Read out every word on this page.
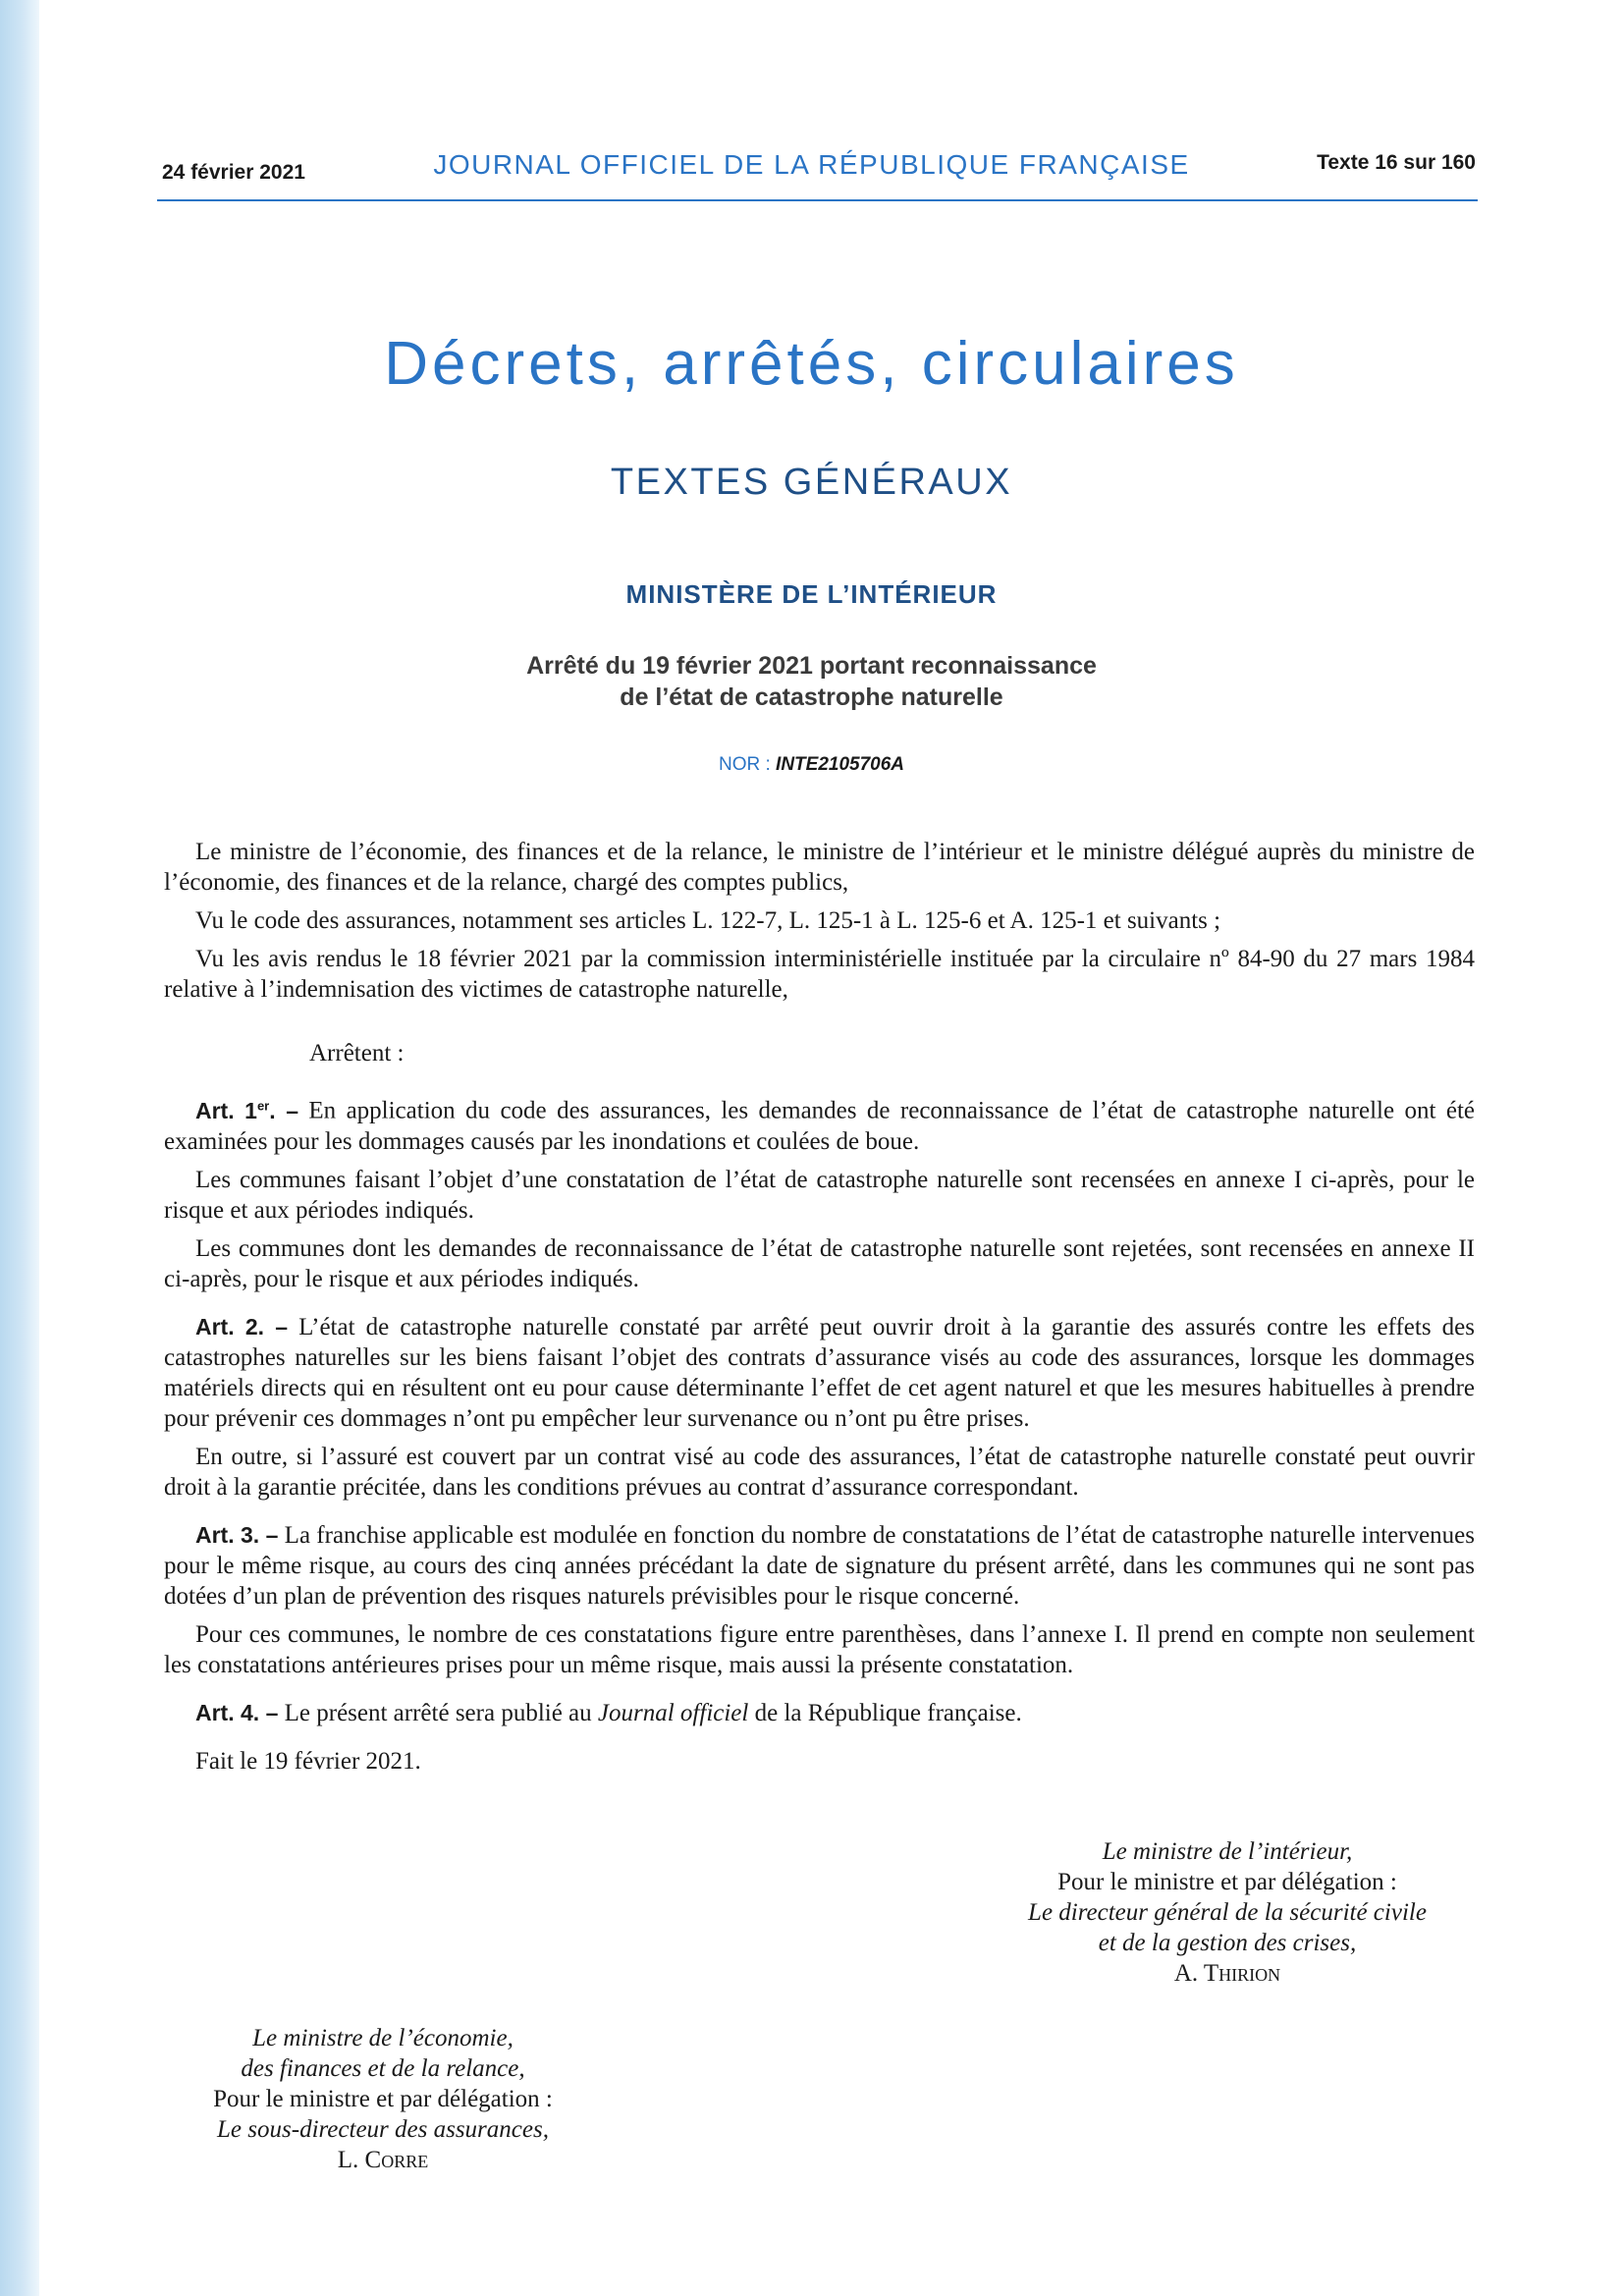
24 février 2021	JOURNAL OFFICIEL DE LA RÉPUBLIQUE FRANÇAISE	Texte 16 sur 160
Décrets, arrêtés, circulaires
TEXTES GÉNÉRAUX
MINISTÈRE DE L’INTÉRIEUR
Arrêté du 19 février 2021 portant reconnaissance
de l’état de catastrophe naturelle
NOR : INTE2105706A

Le ministre de l’économie, des finances et de la relance, le ministre de l’intérieur et le ministre délégué auprès du ministre de l’économie, des finances et de la relance, chargé des comptes publics,

Vu le code des assurances, notamment ses articles L. 122-7, L. 125-1 à L. 125-6 et A. 125-1 et suivants ;

Vu les avis rendus le 18 février 2021 par la commission interministérielle instituée par la circulaire nº 84-90 du 27 mars 1984 relative à l’indemnisation des victimes de catastrophe naturelle,

Arrêtent :

Art. 1er. – En application du code des assurances, les demandes de reconnaissance de l’état de catastrophe naturelle ont été examinées pour les dommages causés par les inondations et coulées de boue.

Les communes faisant l’objet d’une constatation de l’état de catastrophe naturelle sont recensées en annexe I ci-après, pour le risque et aux périodes indiqués.

Les communes dont les demandes de reconnaissance de l’état de catastrophe naturelle sont rejetées, sont recensées en annexe II ci-après, pour le risque et aux périodes indiqués.

Art. 2. – L’état de catastrophe naturelle constaté par arrêté peut ouvrir droit à la garantie des assurés contre les effets des catastrophes naturelles sur les biens faisant l’objet des contrats d’assurance visés au code des assurances, lorsque les dommages matériels directs qui en résultent ont eu pour cause déterminante l’effet de cet agent naturel et que les mesures habituelles à prendre pour prévenir ces dommages n’ont pu empêcher leur survenance ou n’ont pu être prises.

En outre, si l’assuré est couvert par un contrat visé au code des assurances, l’état de catastrophe naturelle constaté peut ouvrir droit à la garantie précitée, dans les conditions prévues au contrat d’assurance correspondant.

Art. 3. – La franchise applicable est modulée en fonction du nombre de constatations de l’état de catastrophe naturelle intervenues pour le même risque, au cours des cinq années précédant la date de signature du présent arrêté, dans les communes qui ne sont pas dotées d’un plan de prévention des risques naturels prévisibles pour le risque concerné.

Pour ces communes, le nombre de ces constatations figure entre parenthèses, dans l’annexe I. Il prend en compte non seulement les constatations antérieures prises pour un même risque, mais aussi la présente constatation.

Art. 4. – Le présent arrêté sera publié au Journal officiel de la République française.

Fait le 19 février 2021.

Le ministre de l’intérieur,
Pour le ministre et par délégation :
Le directeur général de la sécurité civile
et de la gestion des crises,
A. Thirion
Le ministre de l’économie,
des finances et de la relance,
Pour le ministre et par délégation :
Le sous-directeur des assurances,
L. Corre
